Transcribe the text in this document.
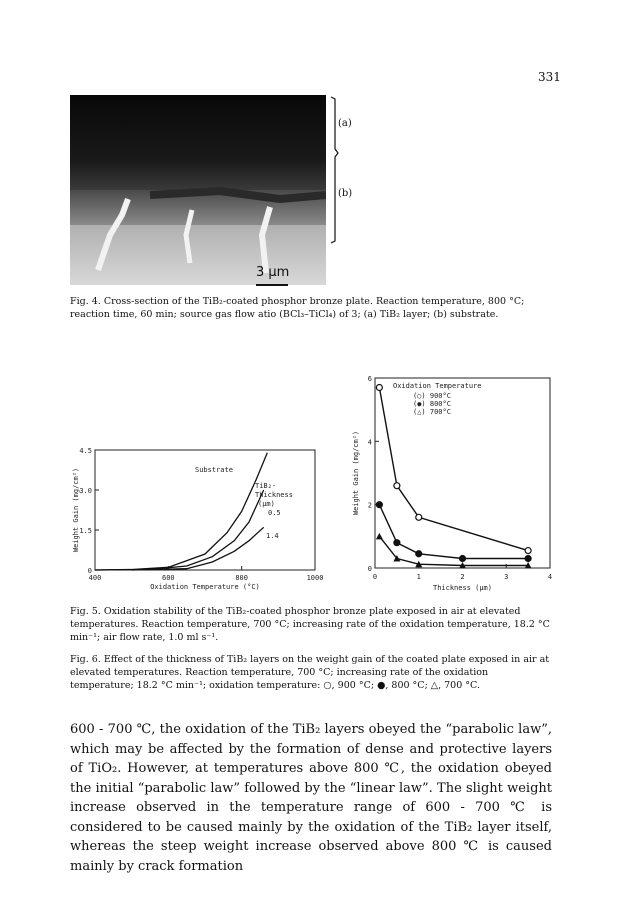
331
3 µm
(a)
(b)
Fig. 4. Cross-section of the TiB₂-coated phosphor bronze plate. Reaction temperature, 800 °C; reaction time, 60 min; source gas flow atio (BCl₃–TiCl₄) of 3; (a) TiB₂ layer; (b) substrate.
400	600	800	1000
0
1.5
3.0
4.5
Oxidation Temperature (°C)
Weight Gain (mg/cm²)	Substrate
TiB₂-
Thickness
(µm)
0.5
1.4
0	1	2	3	4
0
2
4
6
Thickness (µm)
Weight Gain (mg/cm²)
Oxidation Temperature
(○) 900°C
(●) 800°C
(△) 700°C
Fig. 5. Oxidation stability of the TiB₂-coated phosphor bronze plate exposed in air at elevated temperatures. Reaction temperature, 700 °C; increasing rate of the oxidation temperature, 18.2 °C min⁻¹; air flow rate, 1.0 ml s⁻¹.
Fig. 6. Effect of the thickness of TiB₂ layers on the weight gain of the coated plate exposed in air at elevated temperatures. Reaction temperature, 700 °C; increasing rate of the oxidation temperature; 18.2 °C min⁻¹; oxidation temperature: ○, 900 °C; ●, 800 °C; △, 700 °C.
600 - 700 ℃, the oxidation of the TiB₂ layers obeyed the “parabolic law”, which may be affected by the formation of dense and protective layers of TiO₂. However, at temperatures above 800 ℃, the oxidation obeyed the initial “parabolic law” followed by the “linear law”. The slight weight increase observed in the temperature range of 600 - 700 ℃ is considered to be caused mainly by the oxidation of the TiB₂ layer itself, whereas the steep weight increase observed above 800 ℃ is caused mainly by crack formation
